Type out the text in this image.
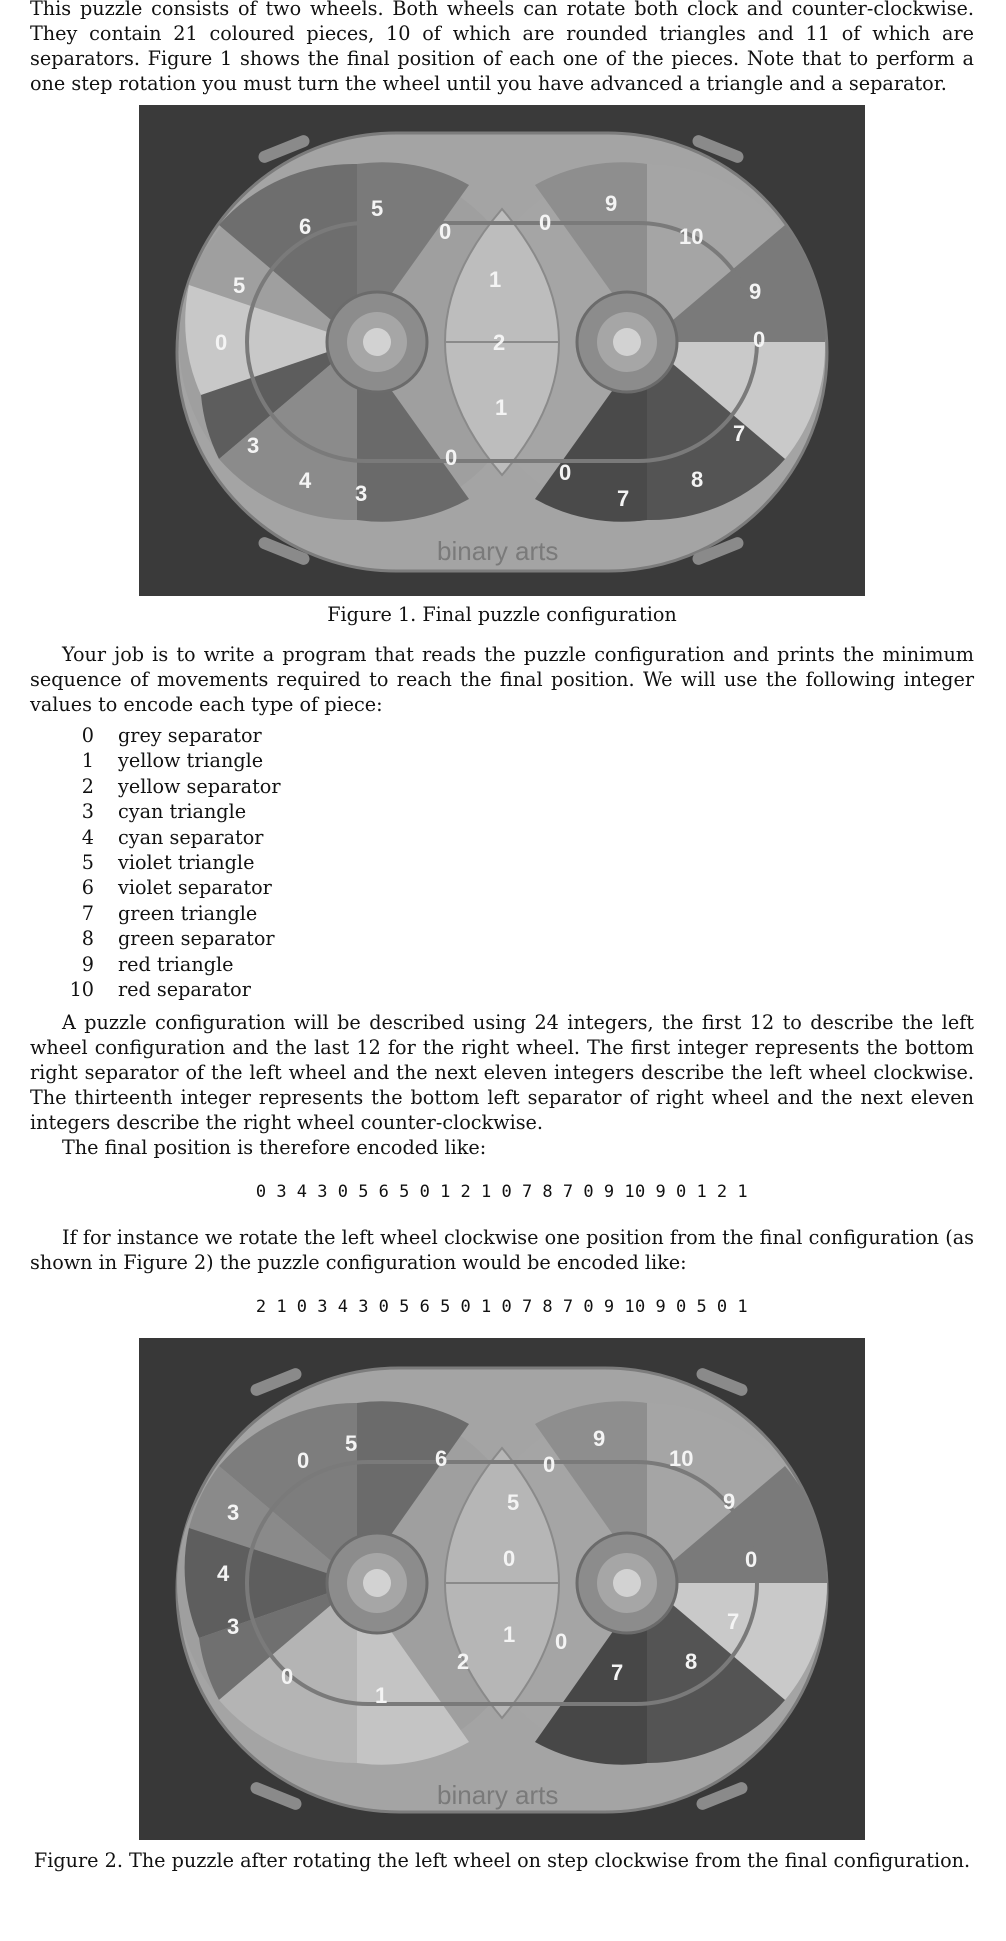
This puzzle consists of two wheels. Both wheels can rotate both clock and counter-clockwise. They contain 21 coloured pieces, 10 of which are rounded triangles and 11 of which are separators. Figure 1 shows the final position of each one of the pieces. Note that to perform a one step rotation you must turn the wheel until you have advanced a triangle and a separator.

6
5
0	0
9
10
5	1	9
0	2	0
1
3	7
4
3
0
0	8
7
binary arts

Figure 1. Final puzzle configuration

Your job is to write a program that reads the puzzle configuration and prints the minimum sequence of movements required to reach the final position. We will use the following integer values to encode each type of piece:

0 grey separator
1 yellow triangle
2 yellow separator
3 cyan triangle
4 cyan separator
5 violet triangle
6 violet separator
7 green triangle
8 green separator
9 red triangle
10 red separator

A puzzle configuration will be described using 24 integers, the first 12 to describe the left wheel configuration and the last 12 for the right wheel. The first integer represents the bottom right separator of the left wheel and the next eleven integers describe the left wheel clockwise. The thirteenth integer represents the bottom left separator of right wheel and the next eleven integers describe the right wheel counter-clockwise.

The final position is therefore encoded like:

0 3 4 3 0 5 6 5 0 1 2 1 0 7 8 7 0 9 10 9 0 1 2 1

If for instance we rotate the left wheel clockwise one position from the final configuration (as shown in Figure 2) the puzzle configuration would be encoded like:

2 1 0 3 4 3 0 5 6 5 0 1 0 7 8 7 0 9 10 9 0 5 0 1

5
0	6	0
9
10
3	5	9
4
0	0
3	1 0
7
0
2
1
7	8
binary arts

Figure 2. The puzzle after rotating the left wheel on step clockwise from the final configuration.
